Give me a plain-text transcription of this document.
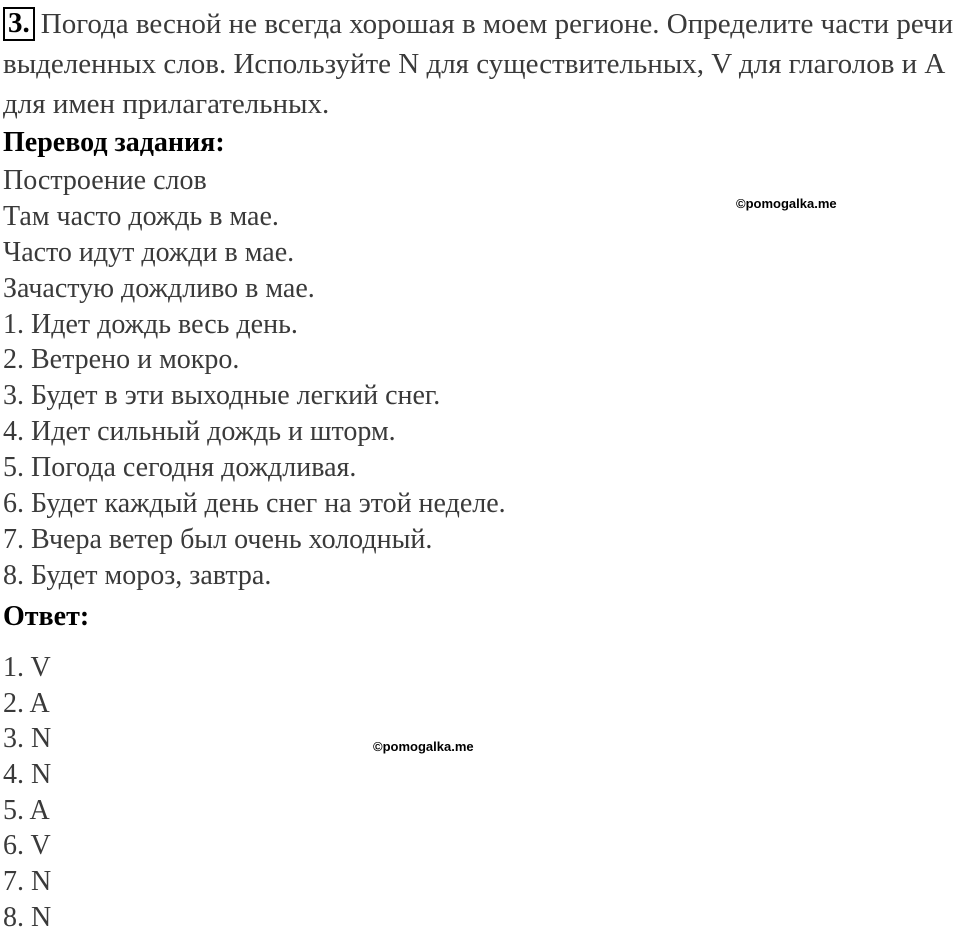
3. Погода весной не всегда хорошая в моем регионе. Определите части речи выделенных слов. Используйте N для существительных, V для глаголов и A для имен прилагательных.
Перевод задания:
Построение слов
Там часто дождь в мае.
Часто идут дожди в мае.
Зачастую дождливо в мае.
1. Идет дождь весь день.
2. Ветрено и мокро.
3. Будет в эти выходные легкий снег.
4. Идет сильный дождь и шторм.
5. Погода сегодня дождливая.
6. Будет каждый день снег на этой неделе.
7. Вчера ветер был очень холодный.
8. Будет мороз, завтра.
Ответ:
1. V
2. A
3. N
4. N
5. A
6. V
7. N
8. N
©pomogalka.me
©pomogalka.me
